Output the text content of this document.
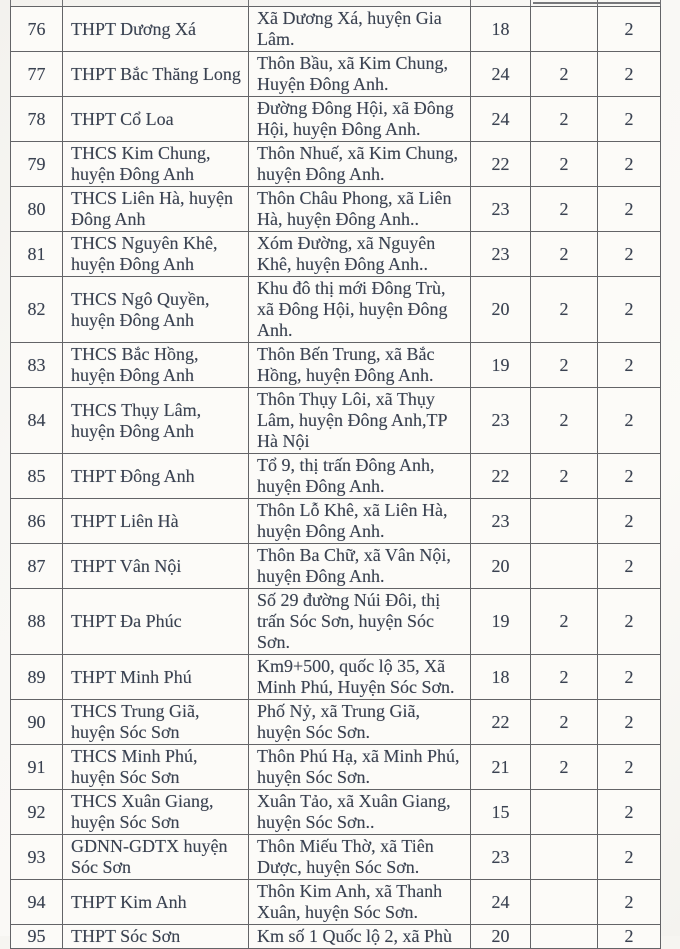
76	THPT Dương Xá	Xã Dương Xá, huyện Gia Lâm.	18		2
77	THPT Bắc Thăng Long	Thôn Bầu, xã Kim Chung, Huyện Đông Anh.	24	2	2
78	THPT Cổ Loa	Đường Đông Hội, xã Đông Hội, huyện Đông Anh.	24	2	2
79	THCS Kim Chung, huyện Đông Anh	Thôn Nhuế, xã Kim Chung, huyện Đông Anh.	22	2	2
80	THCS Liên Hà, huyện Đông Anh	Thôn Châu Phong, xã Liên Hà, huyện Đông Anh..	23	2	2
81	THCS Nguyên Khê, huyện Đông Anh	Xóm Đường, xã Nguyên Khê, huyện Đông Anh..	23	2	2
82	THCS Ngô Quyền, huyện Đông Anh	Khu đô thị mới Đông Trù, xã Đông Hội, huyện Đông Anh.	20	2	2
83	THCS Bắc Hồng, huyện Đông Anh	Thôn Bến Trung, xã Bắc Hồng, huyện Đông Anh.	19	2	2
84	THCS Thụy Lâm, huyện Đông Anh	Thôn Thụy Lôi, xã Thụy Lâm, huyện Đông Anh,TP Hà Nội	23	2	2
85	THPT Đông Anh	Tổ 9, thị trấn Đông Anh, huyện Đông Anh.	22	2	2
86	THPT Liên Hà	Thôn Lỗ Khê, xã Liên Hà, huyện Đông Anh.	23		2
87	THPT Vân Nội	Thôn Ba Chữ, xã Vân Nội, huyện Đông Anh.	20		2
88	THPT Đa Phúc	Số 29 đường Núi Đôi, thị trấn Sóc Sơn, huyện Sóc Sơn.	19	2	2
89	THPT Minh Phú	Km9+500, quốc lộ 35, Xã Minh Phú, Huyện Sóc Sơn.	18	2	2
90	THCS Trung Giã, huyện Sóc Sơn	Phố Nỷ, xã Trung Giã, huyện Sóc Sơn.	22	2	2
91	THCS Minh Phú, huyện Sóc Sơn	Thôn Phú Hạ, xã Minh Phú, huyện Sóc Sơn.	21	2	2
92	THCS Xuân Giang, huyện Sóc Sơn	Xuân Tảo, xã Xuân Giang, huyện Sóc Sơn..	15		2
93	GDNN-GDTX huyện Sóc Sơn	Thôn Miếu Thờ, xã Tiên Dược, huyện Sóc Sơn.	23		2
94	THPT Kim Anh	Thôn Kim Anh, xã Thanh Xuân, huyện Sóc Sơn.	24		2
95	THPT Sóc Sơn	Km số 1 Quốc lộ 2, xã Phù	20		2
